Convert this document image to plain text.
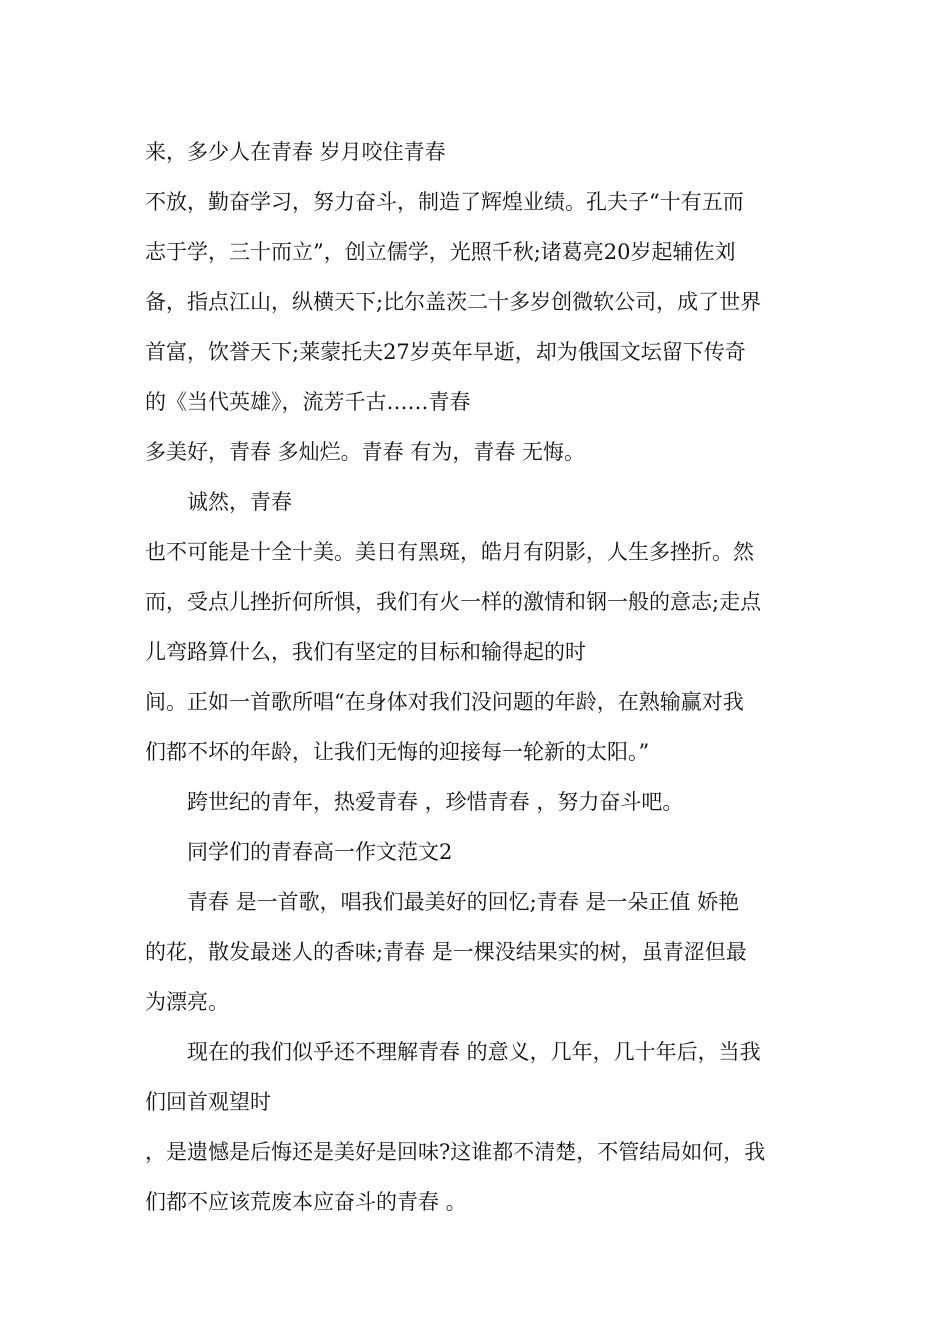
来，多少人在青春 岁月咬住青春
不放，勤奋学习，努力奋斗，制造了辉煌业绩。孔夫子“十有五而
志于学，三十而立”，创立儒学，光照千秋;诸葛亮20岁起辅佐刘
备，指点江山，纵横天下;比尔盖茨二十多岁创微软公司，成了世界
首富，饮誉天下;莱蒙托夫27岁英年早逝，却为俄国文坛留下传奇
的《当代英雄》，流芳千古……青春
多美好，青春 多灿烂。青春 有为，青春 无悔。
　　诚然，青春
也不可能是十全十美。美日有黑斑，皓月有阴影，人生多挫折。然
而，受点儿挫折何所惧，我们有火一样的激情和钢一般的意志;走点
儿弯路算什么，我们有坚定的目标和输得起的时
间。正如一首歌所唱“在身体对我们没问题的年龄，在熟输赢对我
们都不坏的年龄，让我们无悔的迎接每一轮新的太阳。”
　　跨世纪的青年，热爱青春 ，珍惜青春 ，努力奋斗吧。
　　同学们的青春高一作文范文2
　　青春 是一首歌，唱我们最美好的回忆;青春 是一朵正值 娇艳
的花，散发最迷人的香味;青春 是一棵没结果实的树，虽青涩但最
为漂亮。
　　现在的我们似乎还不理解青春 的意义，几年，几十年后，当我
们回首观望时
，是遗憾是后悔还是美好是回味?这谁都不清楚，不管结局如何，我
们都不应该荒废本应奋斗的青春 。
